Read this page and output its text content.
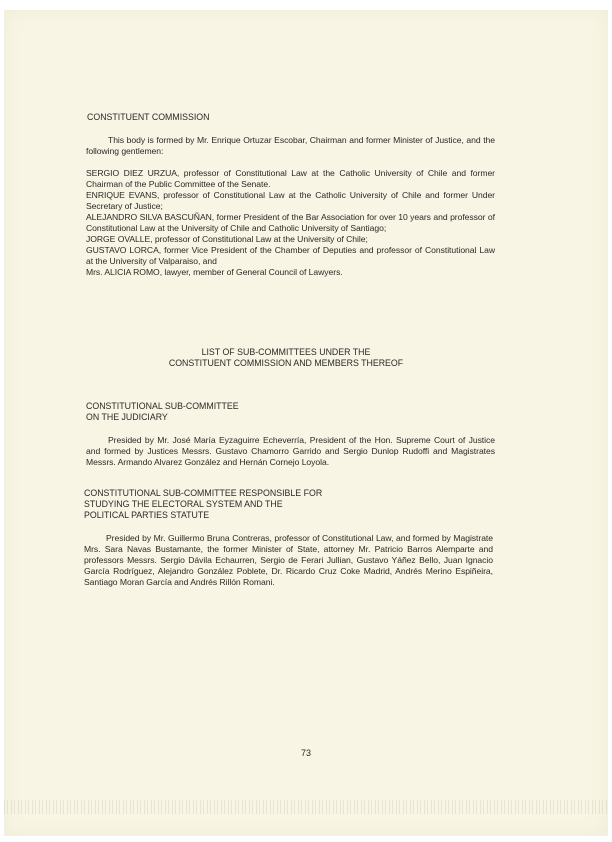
CONSTITUENT COMMISSION
This body is formed by Mr. Enrique Ortuzar Escobar, Chairman and former Minister of Justice, and the following gentlemen:

SERGIO DIEZ URZUA, professor of Constitutional Law at the Catholic University of Chile and former Chairman of the Public Committee of the Senate.

ENRIQUE EVANS, professor of Constitutional Law at the Catholic University of Chile and former Under Secretary of Justice;

ALEJANDRO SILVA BASCUÑAN, former President of the Bar Association for over 10 years and professor of Constitutional Law at the University of Chile and Catholic University of Santiago;

JORGE OVALLE, professor of Constitutional Law at the University of Chile;

GUSTAVO LORCA, former Vice President of the Chamber of Deputies and professor of Constitutional Law at the University of Valparaiso, and

Mrs. ALICIA ROMO, lawyer, member of General Council of Lawyers.

LIST OF SUB-COMMITTEES UNDER THE
CONSTITUENT COMMISSION AND MEMBERS THEREOF
CONSTITUTIONAL SUB-COMMITTEE
ON THE JUDICIARY
Presided by Mr. José María Eyzaguirre Echeverría, President of the Hon. Supreme Court of Justice and formed by Justices Messrs. Gustavo Chamorro Garrido and Sergio Dunlop Rudoffi and Magistrates Messrs. Armando Alvarez González and Hernán Cornejo Loyola.
CONSTITUTIONAL SUB-COMMITTEE RESPONSIBLE FOR
STUDYING THE ELECTORAL SYSTEM AND THE
POLITICAL PARTIES STATUTE
Presided by Mr. Guillermo Bruna Contreras, professor of Constitutional Law, and formed by Magistrate Mrs. Sara Navas Bustamante, the former Minister of State, attorney Mr. Patricio Barros Alemparte and professors Messrs. Sergio Dávila Echaurren, Sergio de Ferari Jullian, Gustavo Yáñez Bello, Juan Ignacio García Rodríguez, Alejandro González Poblete, Dr. Ricardo Cruz Coke Madrid, Andrés Merino Espiñeira, Santiago Moran García and Andrés Rillón Romani.
73
